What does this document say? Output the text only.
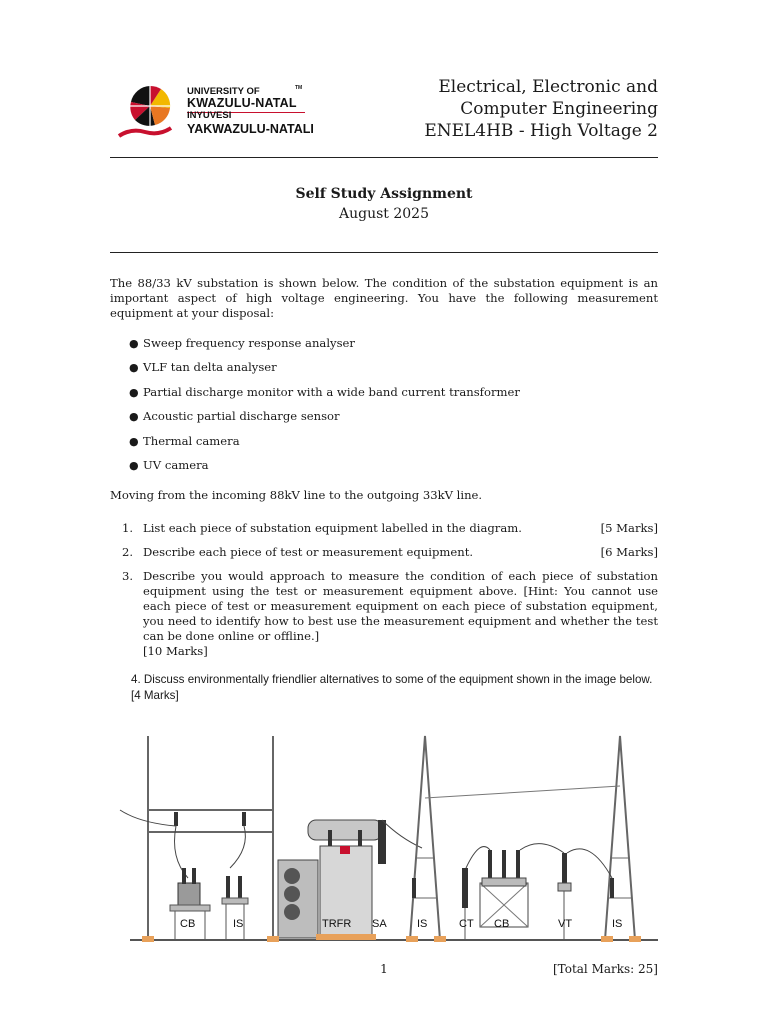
UNIVERSITY OF
KWAZULU-NATAL
INYUVESI
YAKWAZULU-NATALI
TM	Electrical, Electronic and
Computer Engineering
ENEL4HB - High Voltage 2
Self Study Assignment
August 2025
The 88/33 kV substation is shown below. The condition of the substation equipment is an important aspect of high voltage engineering. You have the following measurement equipment at your disposal:
● Sweep frequency response analyser
● VLF tan delta analyser
● Partial discharge monitor with a wide band current transformer
● Acoustic partial discharge sensor
● Thermal camera
● UV camera
Moving from the incoming 88kV line to the outgoing 33kV line.
1. List each piece of substation equipment labelled in the diagram.	[5 Marks]
2. Describe each piece of test or measurement equipment.	[6 Marks]
3. Describe you would approach to measure the condition of each piece of substation equipment using the test or measurement equipment above. [Hint: You cannot use each piece of test or measurement equipment on each piece of substation equipment, you need to identify how to best use the measurement equipment and whether the test can be done online or offline.]
[10 Marks]
4. Discuss environmentally friendlier alternatives to some of the equipment shown in the image below.
[4 Marks]
CB	IS	TRFR SA	IS	CT CB	VT	IS
1	[Total Marks: 25]
